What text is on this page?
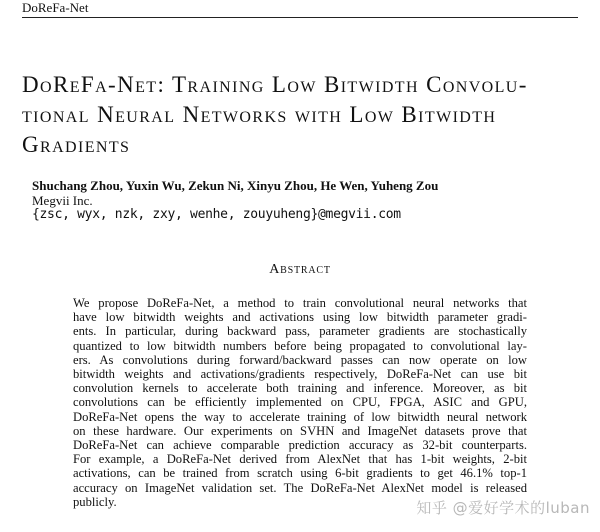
DoReFa-Net
DoReFa-Net: Training Low Bitwidth Convolu-
tional Neural Networks with Low Bitwidth
Gradients
Shuchang Zhou, Yuxin Wu, Zekun Ni, Xinyu Zhou, He Wen, Yuheng Zou
Megvii Inc.
{zsc, wyx, nzk, zxy, wenhe, zouyuheng}@megvii.com
Abstract
We propose DoReFa-Net, a method to train convolutional neural networks that
have low bitwidth weights and activations using low bitwidth parameter gradi-
ents. In particular, during backward pass, parameter gradients are stochastically
quantized to low bitwidth numbers before being propagated to convolutional lay-
ers. As convolutions during forward/backward passes can now operate on low
bitwidth weights and activations/gradients respectively, DoReFa-Net can use bit
convolution kernels to accelerate both training and inference. Moreover, as bit
convolutions can be efficiently implemented on CPU, FPGA, ASIC and GPU,
DoReFa-Net opens the way to accelerate training of low bitwidth neural network
on these hardware. Our experiments on SVHN and ImageNet datasets prove that
DoReFa-Net can achieve comparable prediction accuracy as 32-bit counterparts.
For example, a DoReFa-Net derived from AlexNet that has 1-bit weights, 2-bit
activations, can be trained from scratch using 6-bit gradients to get 46.1% top-1
accuracy on ImageNet validation set. The DoReFa-Net AlexNet model is released
publicly.	知乎 @爱好学术的luban
